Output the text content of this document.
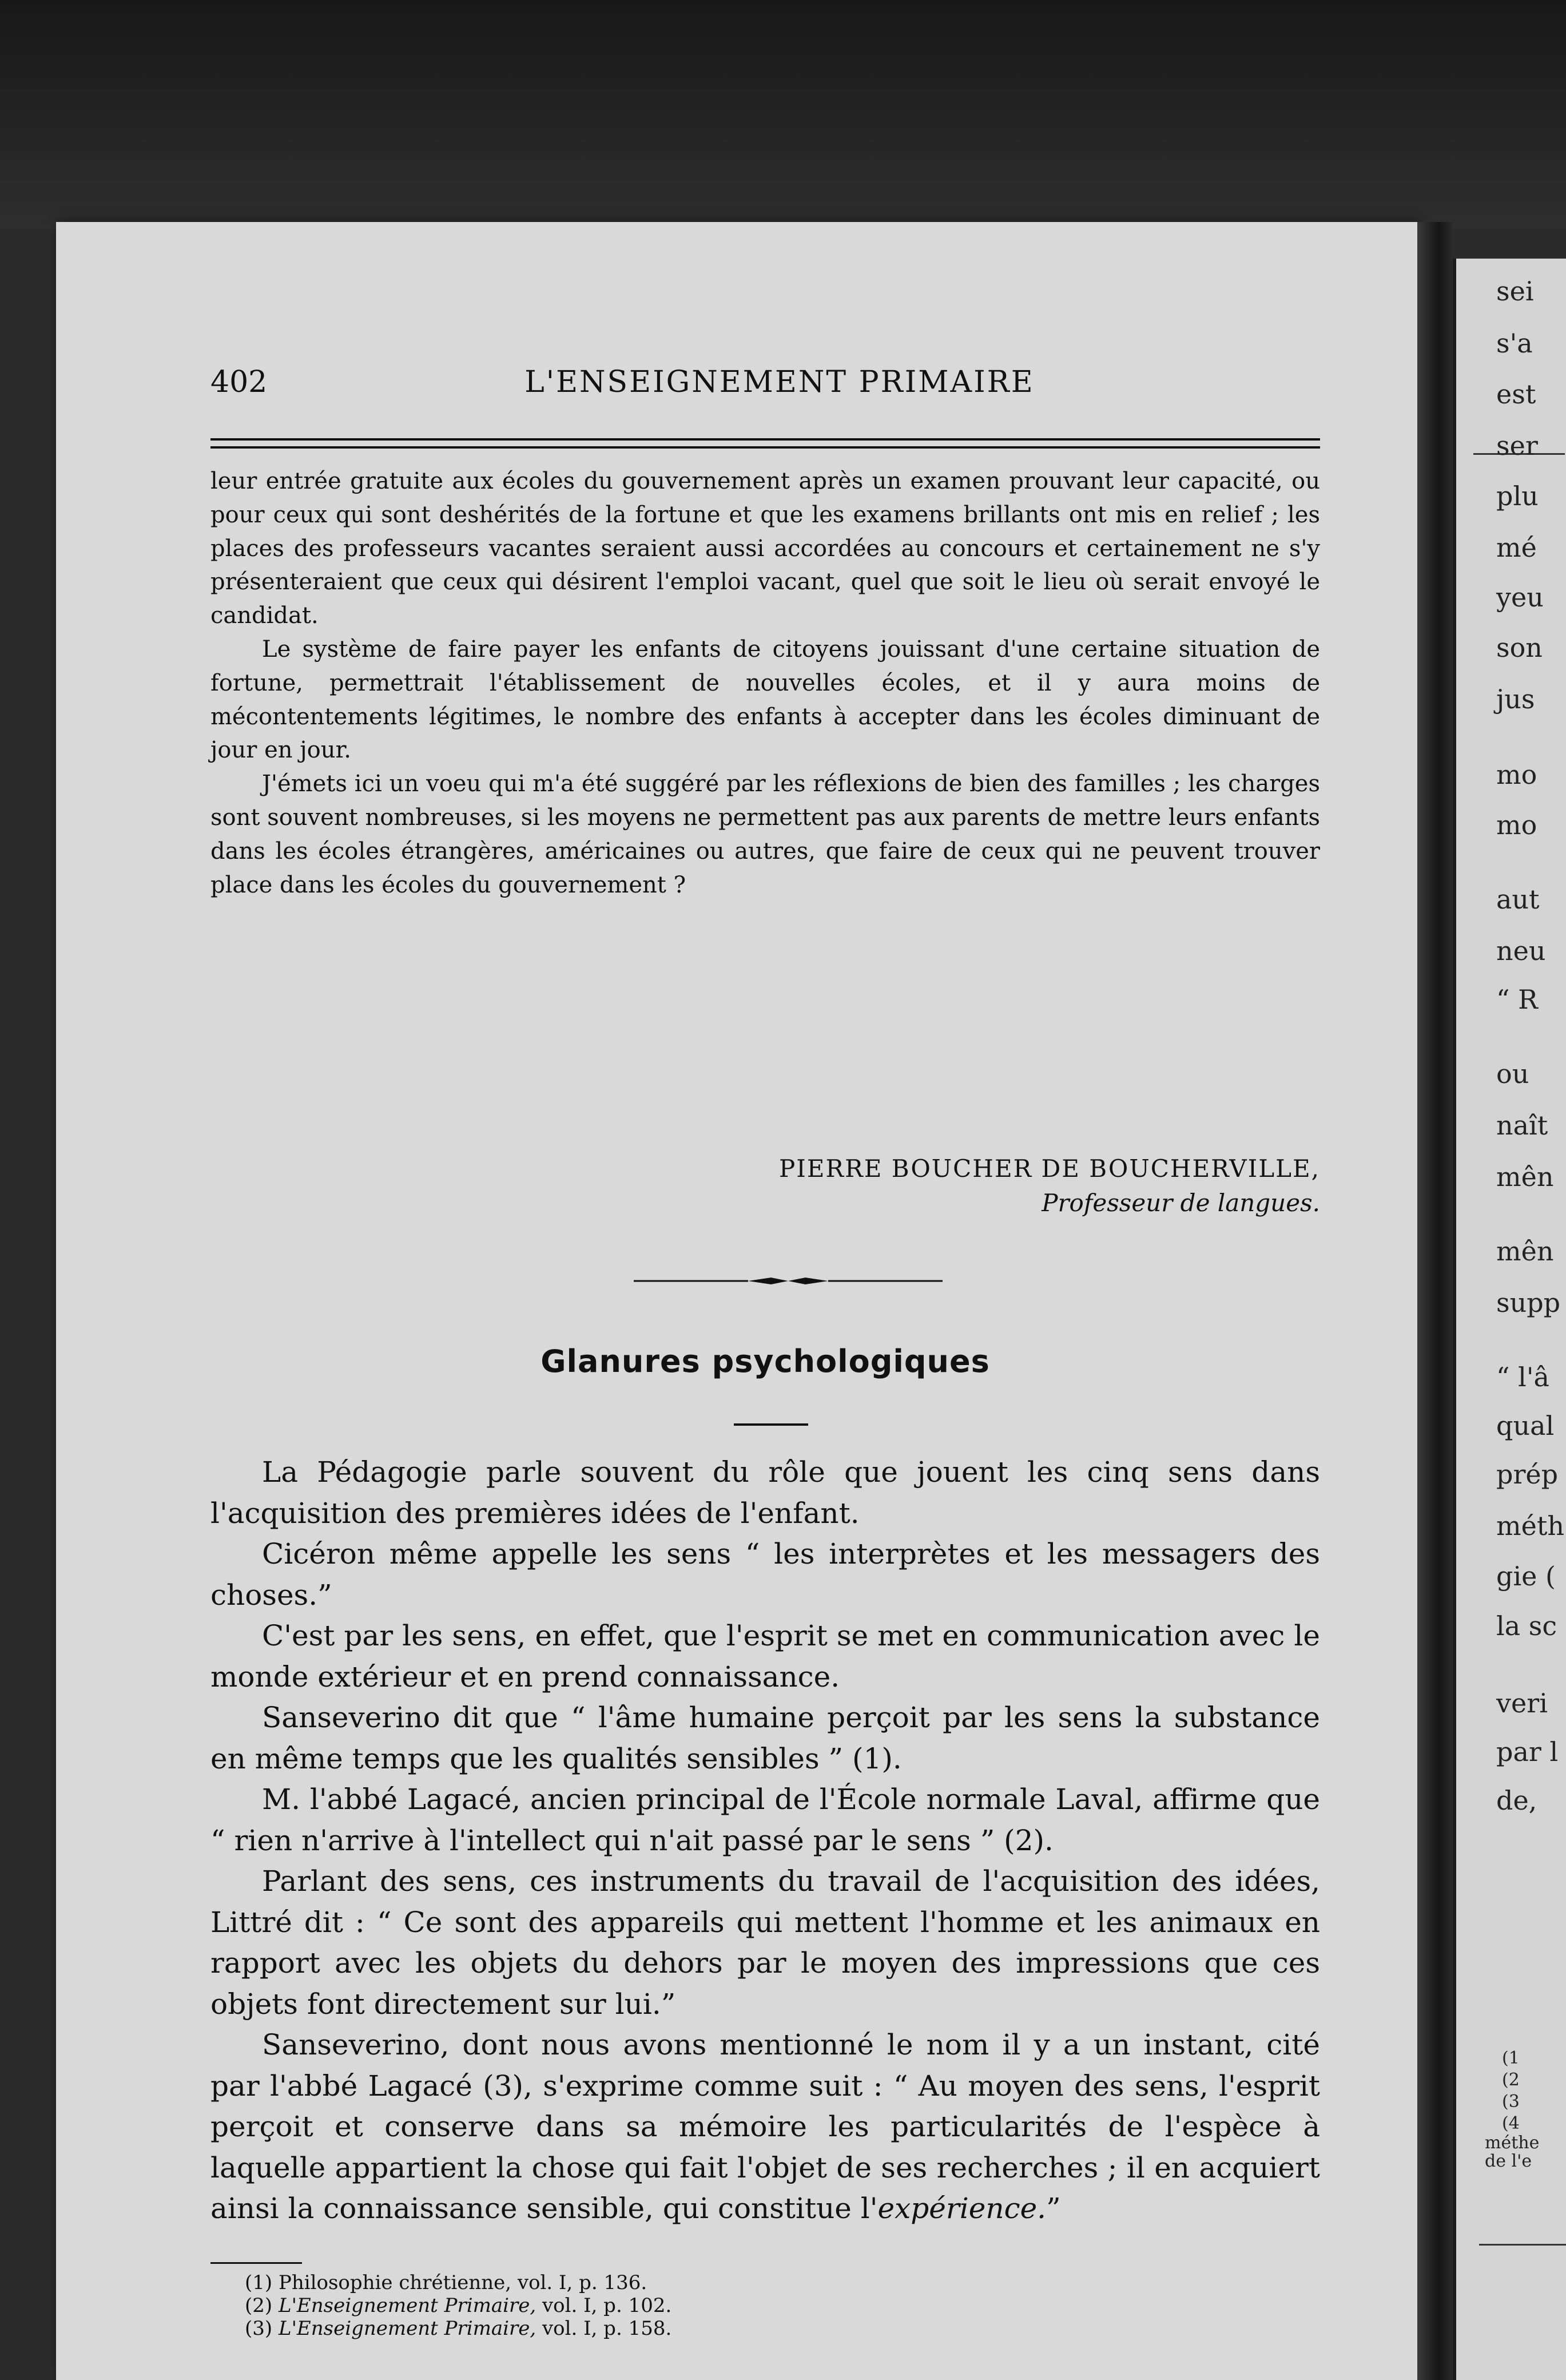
402	L'ENSEIGNEMENT PRIMAIRE

leur entrée gratuite aux écoles du gouvernement après un examen prouvant leur capacité, ou pour ceux qui sont deshérités de la fortune et que les examens brillants ont mis en relief ; les places des professeurs vacantes seraient aussi accordées au concours et certainement ne s'y présenteraient que ceux qui désirent l'emploi vacant, quel que soit le lieu où serait envoyé le candidat.

Le système de faire payer les enfants de citoyens jouissant d'une certaine situation de fortune, permettrait l'établissement de nouvelles écoles, et il y aura moins de mécontentements légitimes, le nombre des enfants à accepter dans les écoles diminuant de jour en jour.

J'émets ici un voeu qui m'a été suggéré par les réflexions de bien des familles ; les charges sont souvent nombreuses, si les moyens ne permettent pas aux parents de mettre leurs enfants dans les écoles étrangères, américaines ou autres, que faire de ceux qui ne peuvent trouver place dans les écoles du gouvernement ?

PIERRE BOUCHER DE BOUCHERVILLE,
Professeur de langues.
Glanures psychologiques

La Pédagogie parle souvent du rôle que jouent les cinq sens dans l'acquisition des premières idées de l'enfant.

Cicéron même appelle les sens “ les interprètes et les messagers des choses.”

C'est par les sens, en effet, que l'esprit se met en communication avec le monde extérieur et en prend connaissance.

Sanseverino dit que “ l'âme humaine perçoit par les sens la substance en même temps que les qualités sensibles ” (1).

M. l'abbé Lagacé, ancien principal de l'École normale Laval, affirme que “ rien n'arrive à l'intellect qui n'ait passé par le sens ” (2).

Parlant des sens, ces instruments du travail de l'acquisition des idées, Littré dit : “ Ce sont des appareils qui mettent l'homme et les animaux en rapport avec les objets du dehors par le moyen des impressions que ces objets font directement sur lui.”

Sanseverino, dont nous avons mentionné le nom il y a un instant, cité par l'abbé Lagacé (3), s'exprime comme suit : “ Au moyen des sens, l'esprit perçoit et conserve dans sa mémoire les particularités de l'espèce à laquelle appartient la chose qui fait l'objet de ses recherches ; il en acquiert ainsi la connaissance sensible, qui constitue l'expérience.”

(1) Philosophie chrétienne, vol. I, p. 136.

(2) L'Enseignement Primaire, vol. I, p. 102.

(3) L'Enseignement Primaire, vol. I, p. 158.

sei
s'a
est
ser
plu
mé
yeu
son
jus
mo
mo
aut
neu
“ R
ou
naît
mên
mên
supp
“ l'â
qual
prép
méth
gie (
la sc
veri
par l
de,
(1
(2
(3
(4
méthe
de l'e
